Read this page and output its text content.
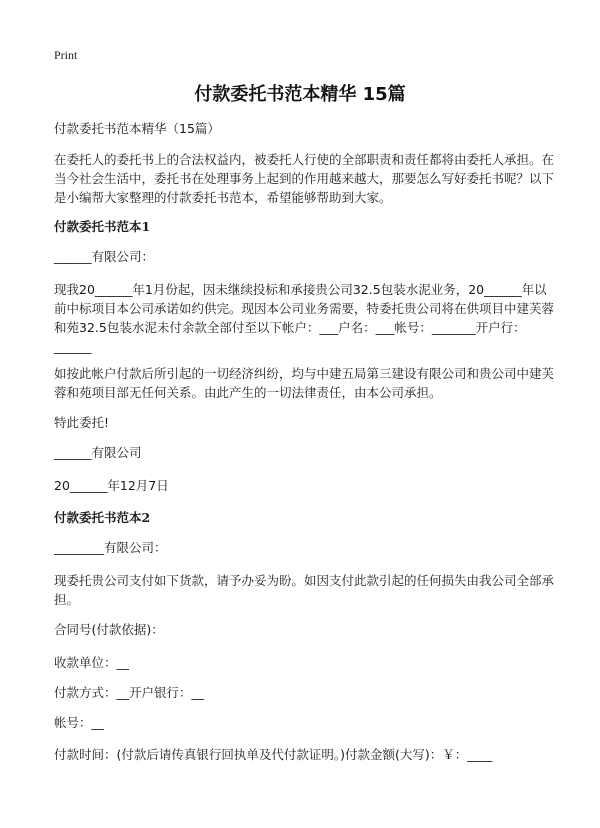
Print
付款委托书范本精华 15篇

付款委托书范本精华（15篇）

在委托人的委托书上的合法权益内，被委托人行使的全部职责和责任都将由委托人承担。在当今社会生活中，委托书在处理事务上起到的作用越来越大，那要怎么写好委托书呢？以下是小编帮大家整理的付款委托书范本，希望能够帮助到大家。

付款委托书范本1
______有限公司：
现我20______年1月份起，因未继续投标和承接贵公司32.5包装水泥业务，20______年以前中标项目本公司承诺如约供完。现因本公司业务需要，特委托贵公司将在供项目中建芙蓉和苑32.5包装水泥未付余款全部付至以下帐户：___户名：___帐号：_______开户行：______
如按此帐户付款后所引起的一切经济纠纷，均与中建五局第三建设有限公司和贵公司中建芙蓉和苑项目部无任何关系。由此产生的一切法律责任，由本公司承担。
特此委托!
______有限公司
20______年12月7日
付款委托书范本2
________有限公司：
现委托贵公司支付如下货款，请予办妥为盼。如因支付此款引起的任何损失由我公司全部承担。
合同号(付款依据)：
收款单位：__
付款方式：__开户银行：__
帐号：__
付款时间：(付款后请传真银行回执单及代付款证明。)付款金额(大写)：￥：____
